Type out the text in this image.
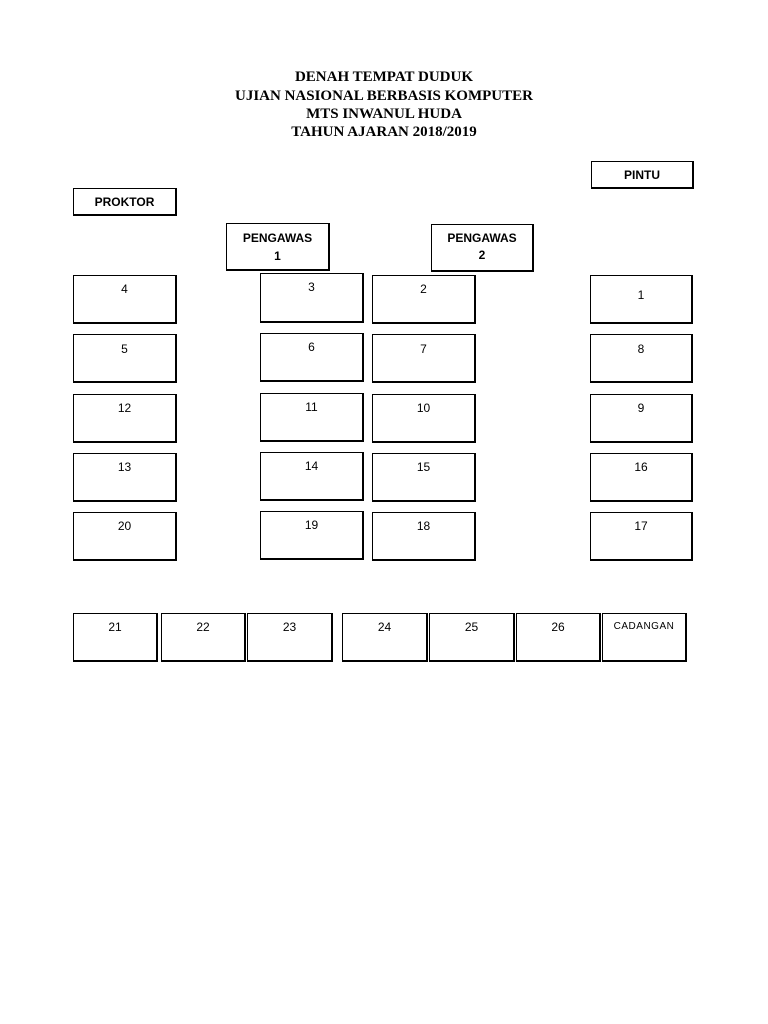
DENAH TEMPAT DUDUK
UJIAN NASIONAL BERBASIS KOMPUTER
MTS INWANUL HUDA
TAHUN AJARAN 2018/2019
PINTU
PROKTOR
PENGAWAS
1
PENGAWAS
2
4	3	2	1
5	6	7	8
12	11	10	9
13	14	15	16
20	19	18	17
21	22	23	24	25	26	CADANGAN
